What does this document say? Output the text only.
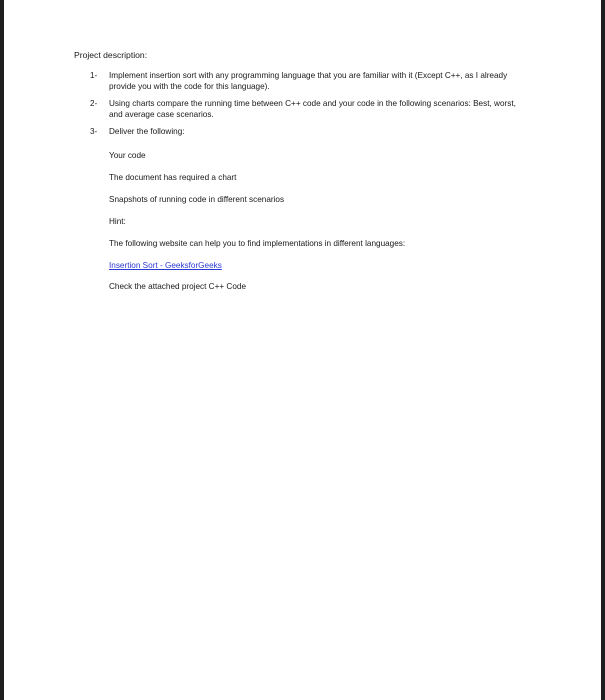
Project description:
1- Implement insertion sort with any programming language that you are familiar with it (Except C++, as I already provide you with the code for this language).
2- Using charts compare the running time between C++ code and your code in the following scenarios: Best, worst, and average case scenarios.
3- Deliver the following:
Your code
The document has required a chart
Snapshots of running code in different scenarios
Hint:
The following website can help you to find implementations in different languages:
Insertion Sort - GeeksforGeeks
Check the attached project C++ Code
